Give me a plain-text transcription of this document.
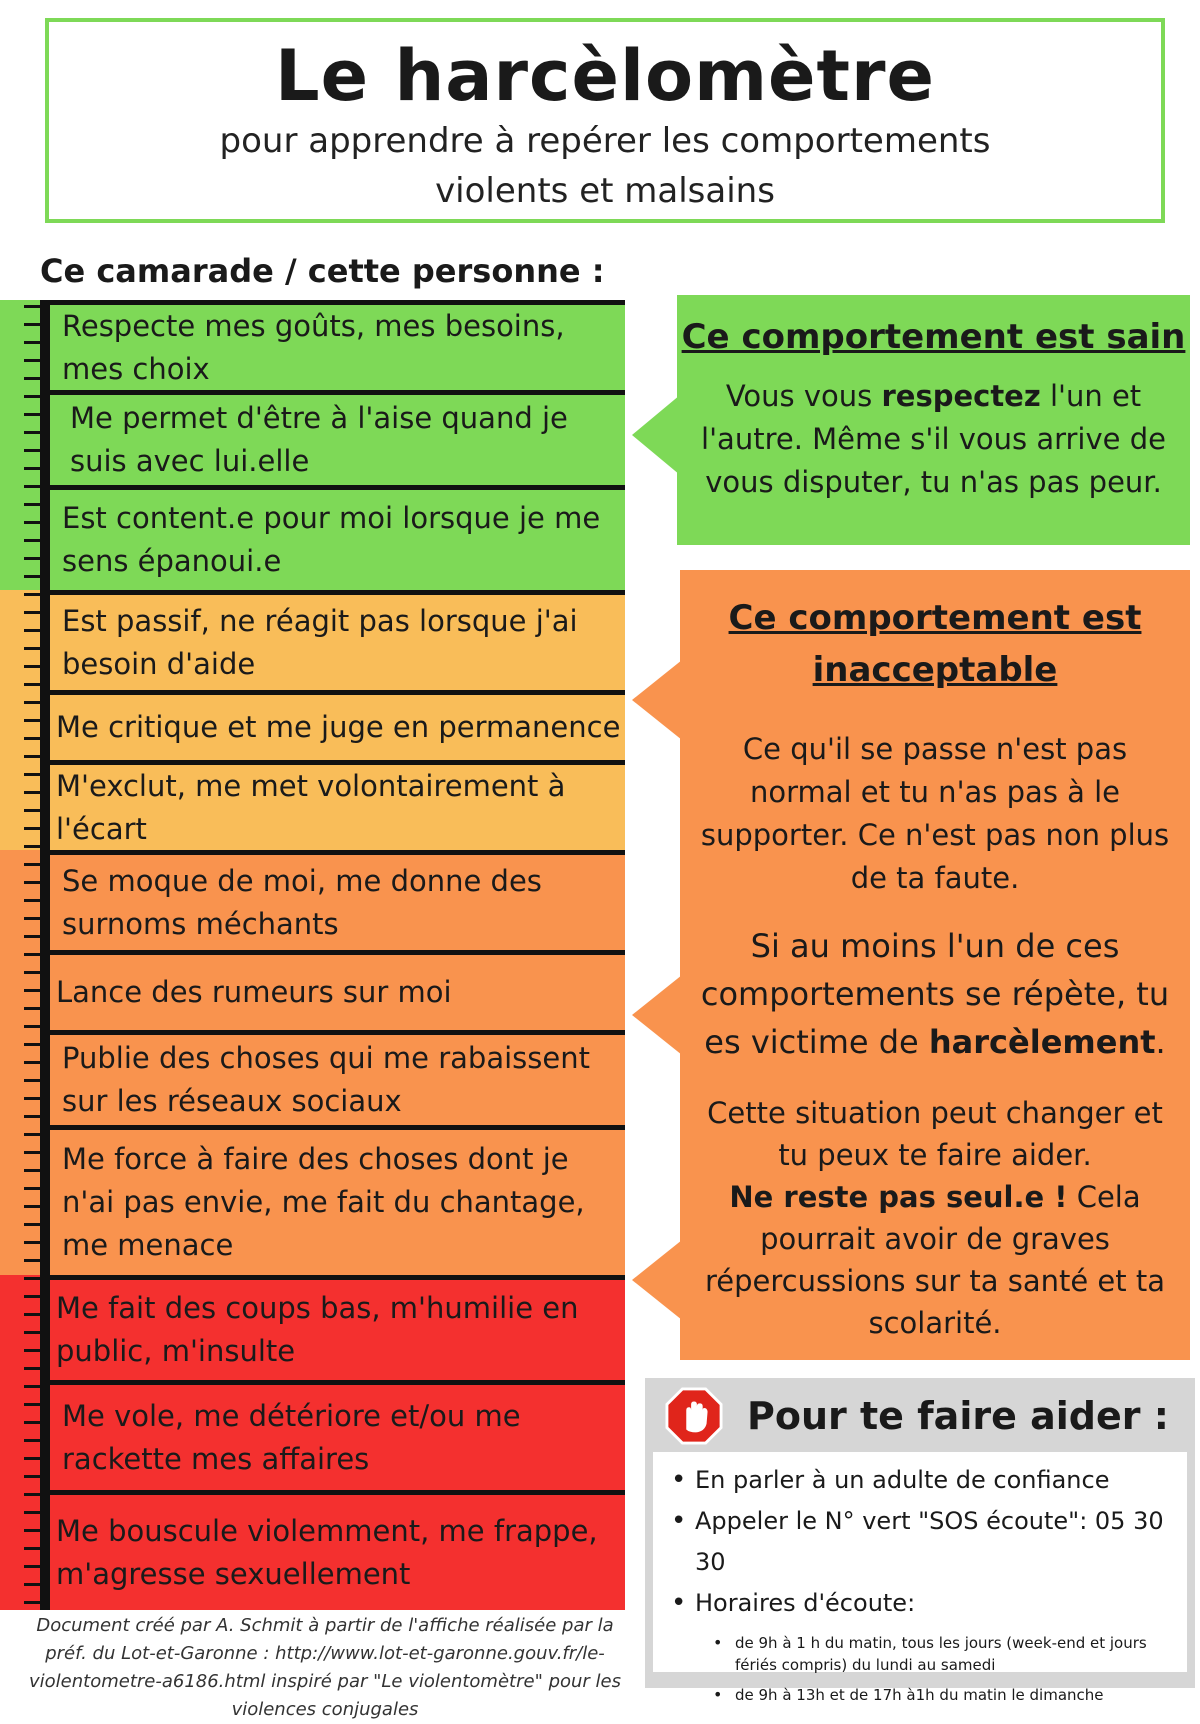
Le harcèlomètre
pour apprendre à repérer les comportements
violents et malsains
Ce camarade / cette personne :
Respecte mes goûts, mes besoins,
mes choix
Me permet d'être à l'aise quand je
suis avec lui.elle
Est content.e pour moi lorsque je me
sens épanoui.e
Est passif, ne réagit pas lorsque j'ai
besoin d'aide
Me critique et me juge en permanence
M'exclut, me met volontairement à
l'écart
Se moque de moi, me donne des
surnoms méchants
Lance des rumeurs sur moi
Publie des choses qui me rabaissent
sur les réseaux sociaux
Me force à faire des choses dont je
n'ai pas envie, me fait du chantage,
me menace
Me fait des coups bas, m'humilie en
public, m'insulte
Me vole, me détériore et/ou me
rackette mes affaires
Me bouscule violemment, me frappe,
m'agresse sexuellement
Ce comportement est sain
Vous vous respectez l'un et l'autre. Même s'il vous arrive de vous disputer, tu n'as pas peur.
Ce comportement est
inacceptable
Ce qu'il se passe n'est pas normal et tu n'as pas à le supporter. Ce n'est pas non plus de ta faute.
Si au moins l'un de ces comportements se répète, tu es victime de harcèlement.
Cette situation peut changer et tu peux te faire aider.
Ne reste pas seul.e ! Cela pourrait avoir de graves répercussions sur ta santé et ta scolarité.
Pour te faire aider :
• En parler à un adulte de confiance
• Appeler le N° vert "SOS écoute": 05 30 30
• Horaires d'écoute:
• de 9h à 1 h du matin, tous les jours (week-end et jours fériés compris) du lundi au samedi
• de 9h à 13h et de 17h à1h du matin le dimanche
Document créé par A. Schmit à partir de l'affiche réalisée par la préf. du Lot-et-Garonne : http://www.lot-et-garonne.gouv.fr/le-violentometre-a6186.html inspiré par "Le violentomètre" pour les violences conjugales
